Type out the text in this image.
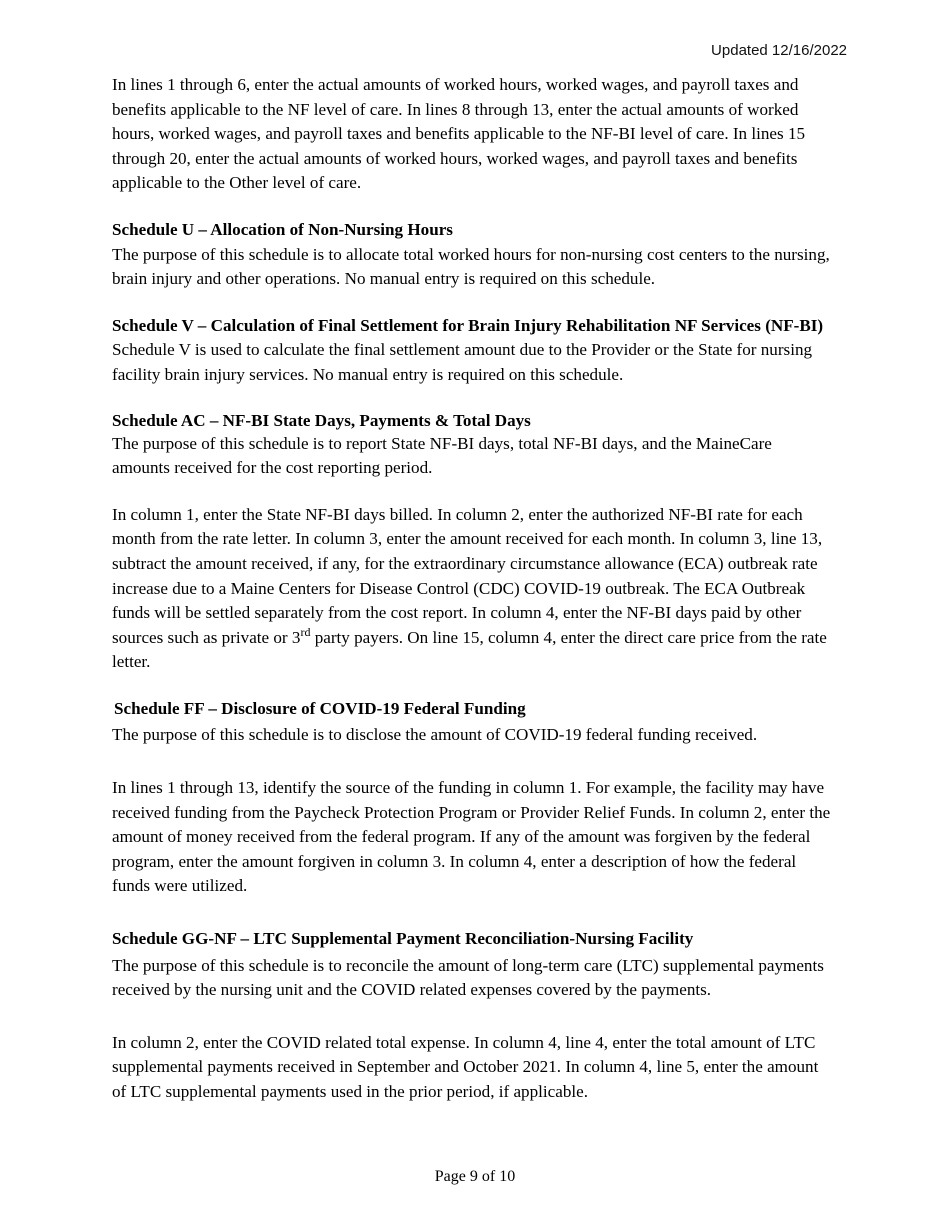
Updated 12/16/2022

In lines 1 through 6, enter the actual amounts of worked hours, worked wages, and payroll taxes and benefits applicable to the NF level of care. In lines 8 through 13, enter the actual amounts of worked hours, worked wages, and payroll taxes and benefits applicable to the NF-BI level of care. In lines 15 through 20, enter the actual amounts of worked hours, worked wages, and payroll taxes and benefits applicable to the Other level of care.

Schedule U – Allocation of Non-Nursing Hours

The purpose of this schedule is to allocate total worked hours for non-nursing cost centers to the nursing, brain injury and other operations. No manual entry is required on this schedule.

Schedule V – Calculation of Final Settlement for Brain Injury Rehabilitation NF Services (NF-BI) Schedule V is used to calculate the final settlement amount due to the Provider or the State for nursing facility brain injury services. No manual entry is required on this schedule.

Schedule AC – NF-BI State Days, Payments & Total Days

The purpose of this schedule is to report State NF-BI days, total NF-BI days, and the MaineCare amounts received for the cost reporting period.

In column 1, enter the State NF-BI days billed. In column 2, enter the authorized NF-BI rate for each month from the rate letter. In column 3, enter the amount received for each month. In column 3, line 13, subtract the amount received, if any, for the extraordinary circumstance allowance (ECA) outbreak rate increase due to a Maine Centers for Disease Control (CDC) COVID-19 outbreak. The ECA Outbreak funds will be settled separately from the cost report. In column 4, enter the NF-BI days paid by other sources such as private or 3rd party payers. On line 15, column 4, enter the direct care price from the rate letter.

Schedule FF – Disclosure of COVID-19 Federal Funding

The purpose of this schedule is to disclose the amount of COVID-19 federal funding received.

In lines 1 through 13, identify the source of the funding in column 1. For example, the facility may have received funding from the Paycheck Protection Program or Provider Relief Funds. In column 2, enter the amount of money received from the federal program. If any of the amount was forgiven by the federal program, enter the amount forgiven in column 3. In column 4, enter a description of how the federal funds were utilized.

Schedule GG-NF – LTC Supplemental Payment Reconciliation-Nursing Facility

The purpose of this schedule is to reconcile the amount of long-term care (LTC) supplemental payments received by the nursing unit and the COVID related expenses covered by the payments.

In column 2, enter the COVID related total expense. In column 4, line 4, enter the total amount of LTC supplemental payments received in September and October 2021. In column 4, line 5, enter the amount of LTC supplemental payments used in the prior period, if applicable.

Page 9 of 10
